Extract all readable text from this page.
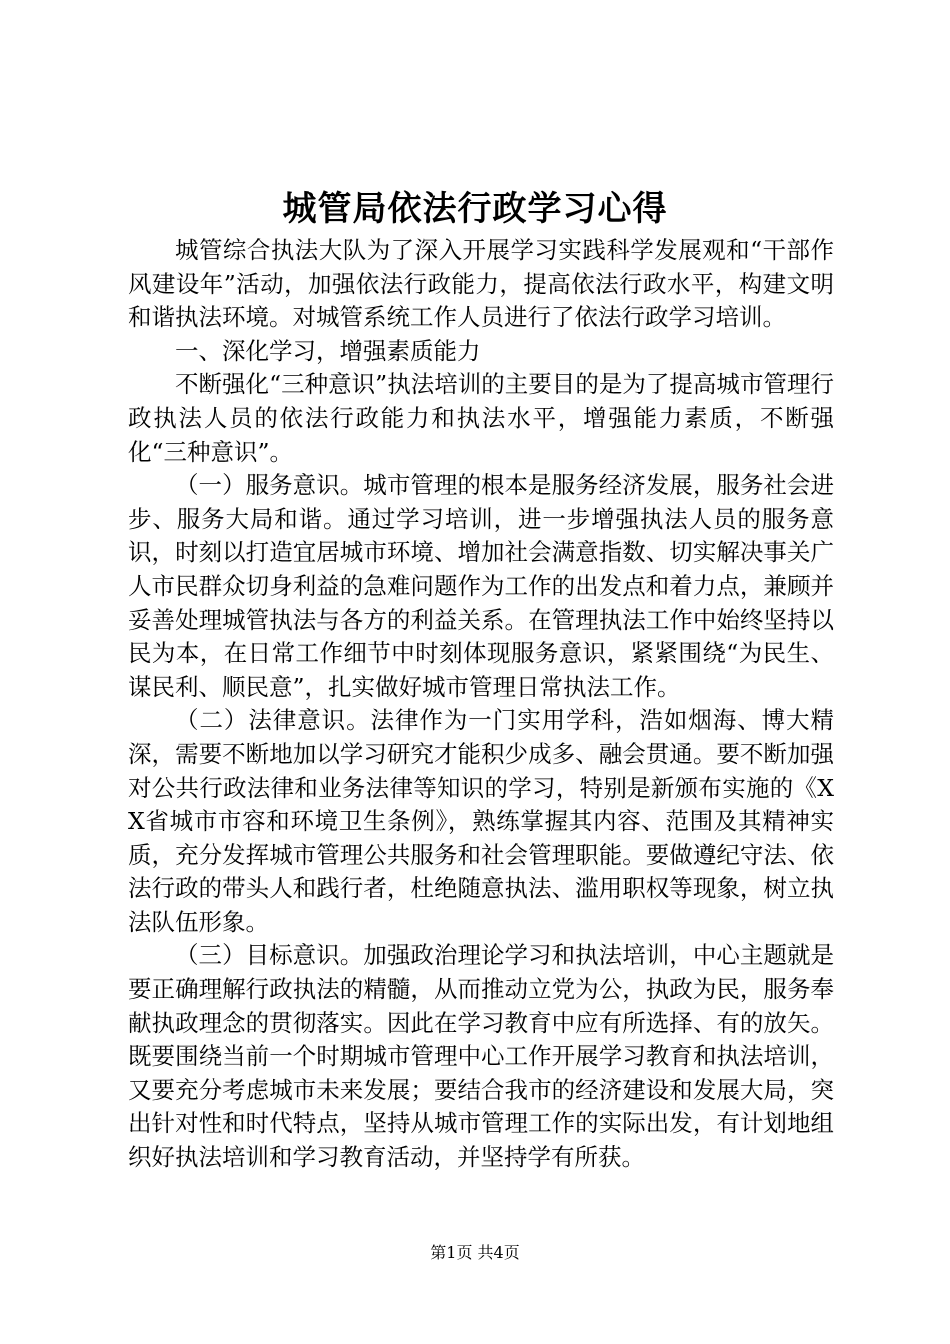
城管局依法行政学习心得

城管综合执法大队为了深入开展学习实践科学发展观和“干部作风建设年”活动，加强依法行政能力，提高依法行政水平，构建文明和谐执法环境。对城管系统工作人员进行了依法行政学习培训。

一、深化学习，增强素质能力

不断强化“三种意识”执法培训的主要目的是为了提高城市管理行政执法人员的依法行政能力和执法水平，增强能力素质，不断强化“三种意识”。

（一）服务意识。城市管理的根本是服务经济发展，服务社会进步、服务大局和谐。通过学习培训，进一步增强执法人员的服务意识，时刻以打造宜居城市环境、增加社会满意指数、切实解决事关广人市民群众切身利益的急难问题作为工作的出发点和着力点，兼顾并妥善处理城管执法与各方的利益关系。在管理执法工作中始终坚持以民为本，在日常工作细节中时刻体现服务意识，紧紧围绕“为民生、谋民利、顺民意”，扎实做好城市管理日常执法工作。

（二）法律意识。法律作为一门实用学科，浩如烟海、博大精深，需要不断地加以学习研究才能积少成多、融会贯通。要不断加强对公共行政法律和业务法律等知识的学习，特别是新颁布实施的《XX省城市市容和环境卫生条例》，熟练掌握其内容、范围及其精神实质，充分发挥城市管理公共服务和社会管理职能。要做遵纪守法、依法行政的带头人和践行者，杜绝随意执法、滥用职权等现象，树立执法队伍形象。

（三）目标意识。加强政治理论学习和执法培训，中心主题就是要正确理解行政执法的精髓，从而推动立党为公，执政为民，服务奉献执政理念的贯彻落实。因此在学习教育中应有所选择、有的放矢。既要围绕当前一个时期城市管理中心工作开展学习教育和执法培训，又要充分考虑城市未来发展；要结合我市的经济建设和发展大局，突出针对性和时代特点，坚持从城市管理工作的实际出发，有计划地组织好执法培训和学习教育活动，并坚持学有所获。

第1页 共4页
